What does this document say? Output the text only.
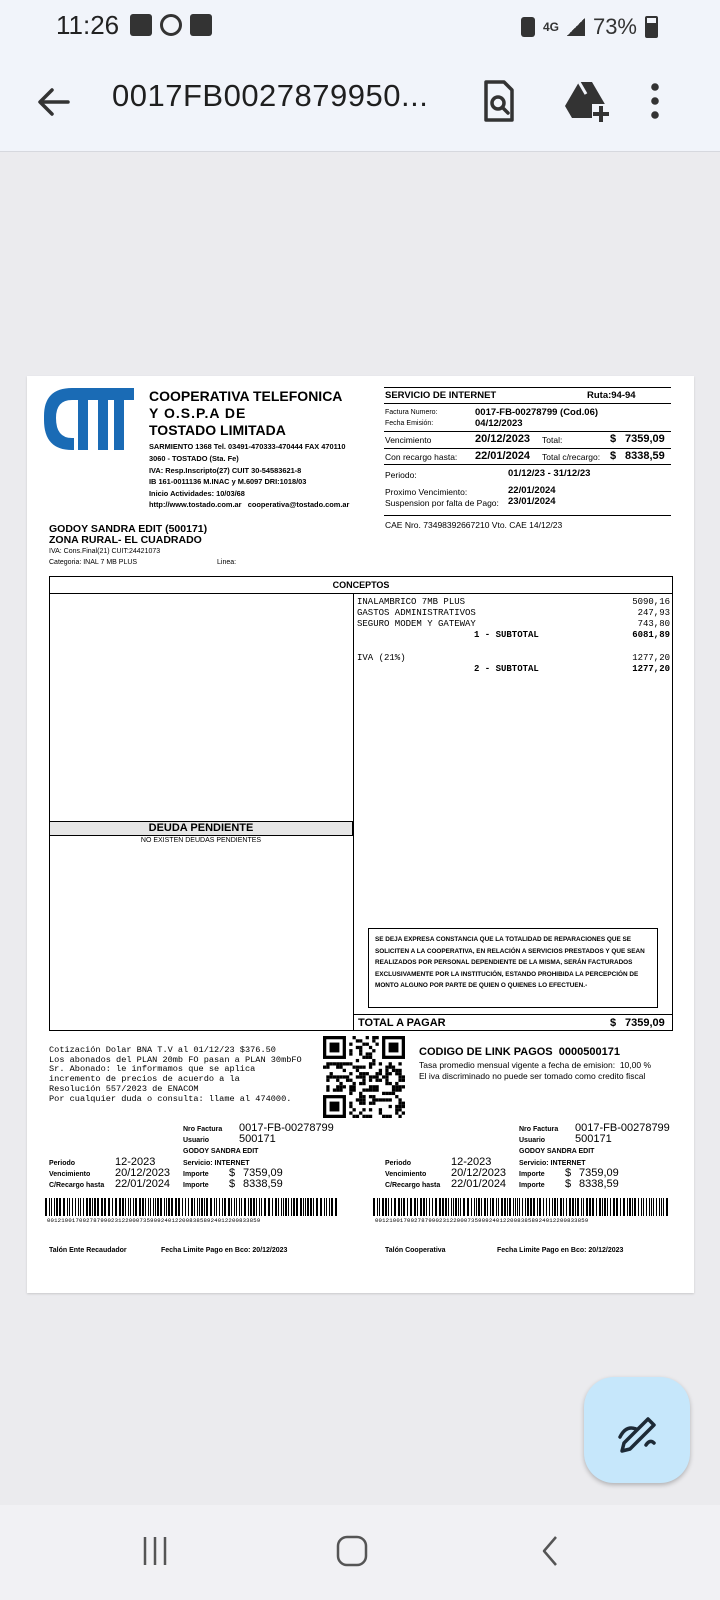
11:26	4G 73%
0017FB0027879950...
COOPERATIVA TELEFONICA
Y O.S.P.A DE
TOSTADO LIMITADA
SARMIENTO 1368 Tel. 03491-470333-470444 FAX 470110
3060 - TOSTADO (Sta. Fe)
IVA: Resp.Inscripto(27) CUIT 30-54583621-8
IB 161-0011136 M.INAC y M.6097 DRI:1018/03
Inicio Actividades: 10/03/68
http://www.tostado.com.ar cooperativa@tostado.com.ar
SERVICIO DE INTERNET	Ruta:94-94
Factura Numero:	0017-FB-00278799 (Cod.06)
Fecha Emisión:	04/12/2023
Vencimiento	20/12/2023 Total:	$ 7359,09
Con recargo hasta: 22/01/2024 Total c/recargo: $ 8338,59
Periodo:	01/12/23 - 31/12/23
Proximo Vencimiento:	22/01/2024
Suspension por falta de Pago: 23/01/2024
CAE Nro. 73498392667210 Vto. CAE 14/12/23
GODOY SANDRA EDIT (500171)
ZONA RURAL- EL CUADRADO
IVA: Cons.Final(21) CUIT:24421073
Categoria: INAL 7 MB PLUS	Linea:
CONCEPTOS
INALAMBRICO 7MB PLUS	5090,16
GASTOS ADMINISTRATIVOS	247,93
SEGURO MODEM Y GATEWAY	743,80
1 - SUBTOTAL	6081,89
IVA (21%)	1277,20
2 - SUBTOTAL	1277,20
DEUDA PENDIENTE
NO EXISTEN DEUDAS PENDIENTES
SE DEJA EXPRESA CONSTANCIA QUE LA TOTALIDAD DE REPARACIONES QUE SE SOLICITEN A LA COOPERATIVA, EN RELACIÓN A SERVICIOS PRESTADOS Y QUE SEAN REALIZADOS POR PERSONAL DEPENDIENTE DE LA MISMA, SERÁN FACTURADOS EXCLUSIVAMENTE POR LA INSTITUCIÓN, ESTANDO PROHIBIDA LA PERCEPCIÓN DE MONTO ALGUNO POR PARTE DE QUIEN O QUIENES LO EFECTUEN.-
TOTAL A PAGAR	$ 7359,09
Cotización Dolar BNA T.V al 01/12/23 $376.50
Los abonados del PLAN 20mb FO pasan a PLAN 30mbFO
Sr. Abonado: le informamos que se aplica
incremento de precios de acuerdo a la
Resolución 557/2023 de ENACOM
Por cualquier duda o consulta: llame al 474000.
CODIGO DE LINK PAGOS 0000500171
Tasa promedio mensual vigente a fecha de emision: 10,00 %
El iva discriminado no puede ser tomado como credito fiscal
Nro Factura 0017-FB-00278799
Usuario	500171
GODOY SANDRA EDIT
Periodo	12-2023	Servicio: INTERNET
Vencimiento 20/12/2023 Importe $ 7359,09
C/Recargo hasta 22/01/2024 Importe $ 8338,59
001210017002787990231220007359092401220083858924012200833859
Talón Ente Recaudador	Fecha Limite Pago en Bco: 20/12/2023
Nro Factura 0017-FB-00278799
Usuario	500171
GODOY SANDRA EDIT
Periodo	12-2023	Servicio: INTERNET
Vencimiento 20/12/2023 Importe $ 7359,09
C/Recargo hasta 22/01/2024 Importe $ 8338,59
001210017002787990231220007359092401220083858924012200833859
Talón Cooperativa	Fecha Limite Pago en Bco: 20/12/2023
